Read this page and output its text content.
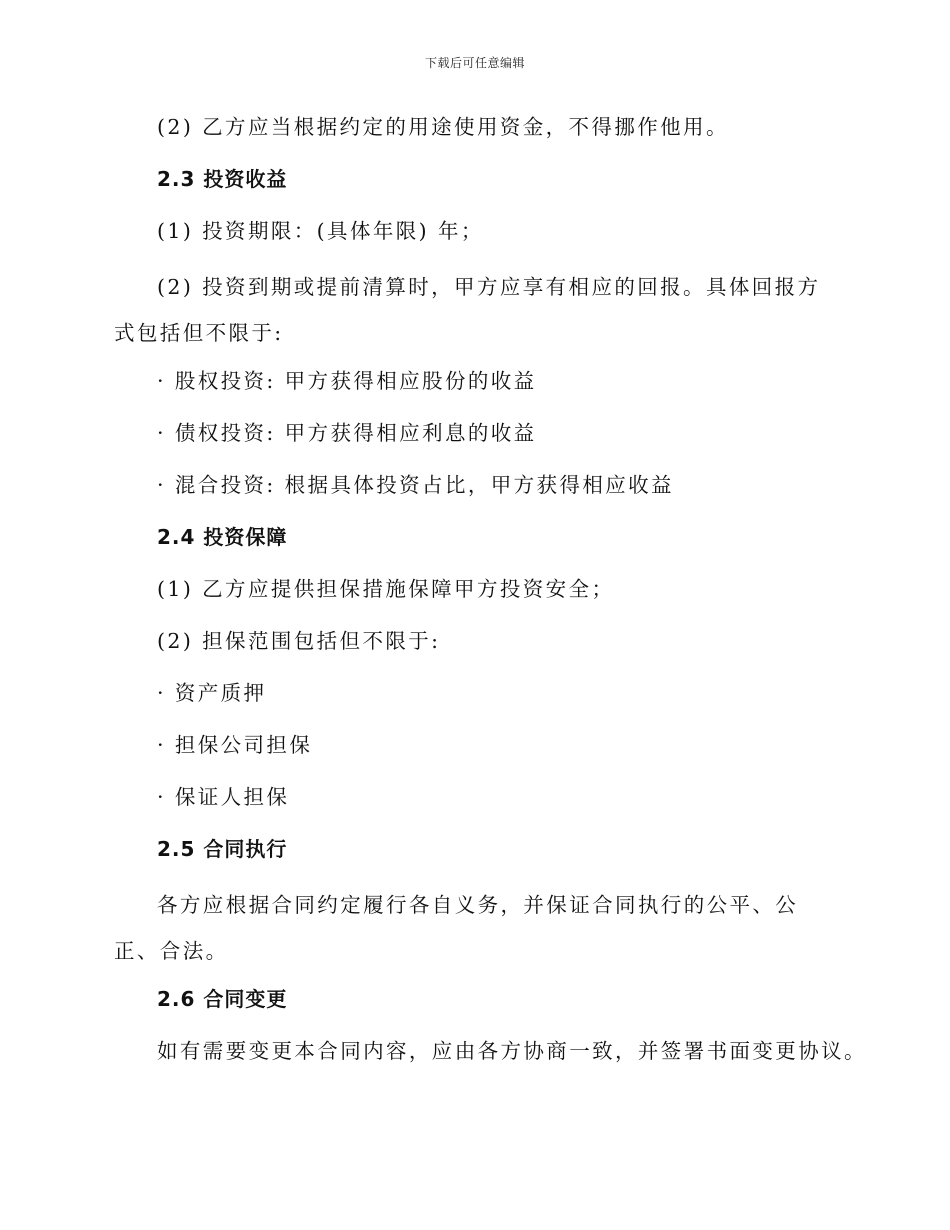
下载后可任意编辑
(2) 乙方应当根据约定的用途使用资金，不得挪作他用。
2.3 投资收益
(1) 投资期限：(具体年限) 年；
(2) 投资到期或提前清算时，甲方应享有相应的回报。具体回报方式包括但不限于:
· 股权投资: 甲方获得相应股份的收益
· 债权投资: 甲方获得相应利息的收益
· 混合投资: 根据具体投资占比，甲方获得相应收益
2.4 投资保障
(1) 乙方应提供担保措施保障甲方投资安全；
(2) 担保范围包括但不限于:
· 资产质押
· 担保公司担保
· 保证人担保
2.5 合同执行
各方应根据合同约定履行各自义务，并保证合同执行的公平、公正、合法。
2.6 合同变更
如有需要变更本合同内容，应由各方协商一致，并签署书面变更协议。
